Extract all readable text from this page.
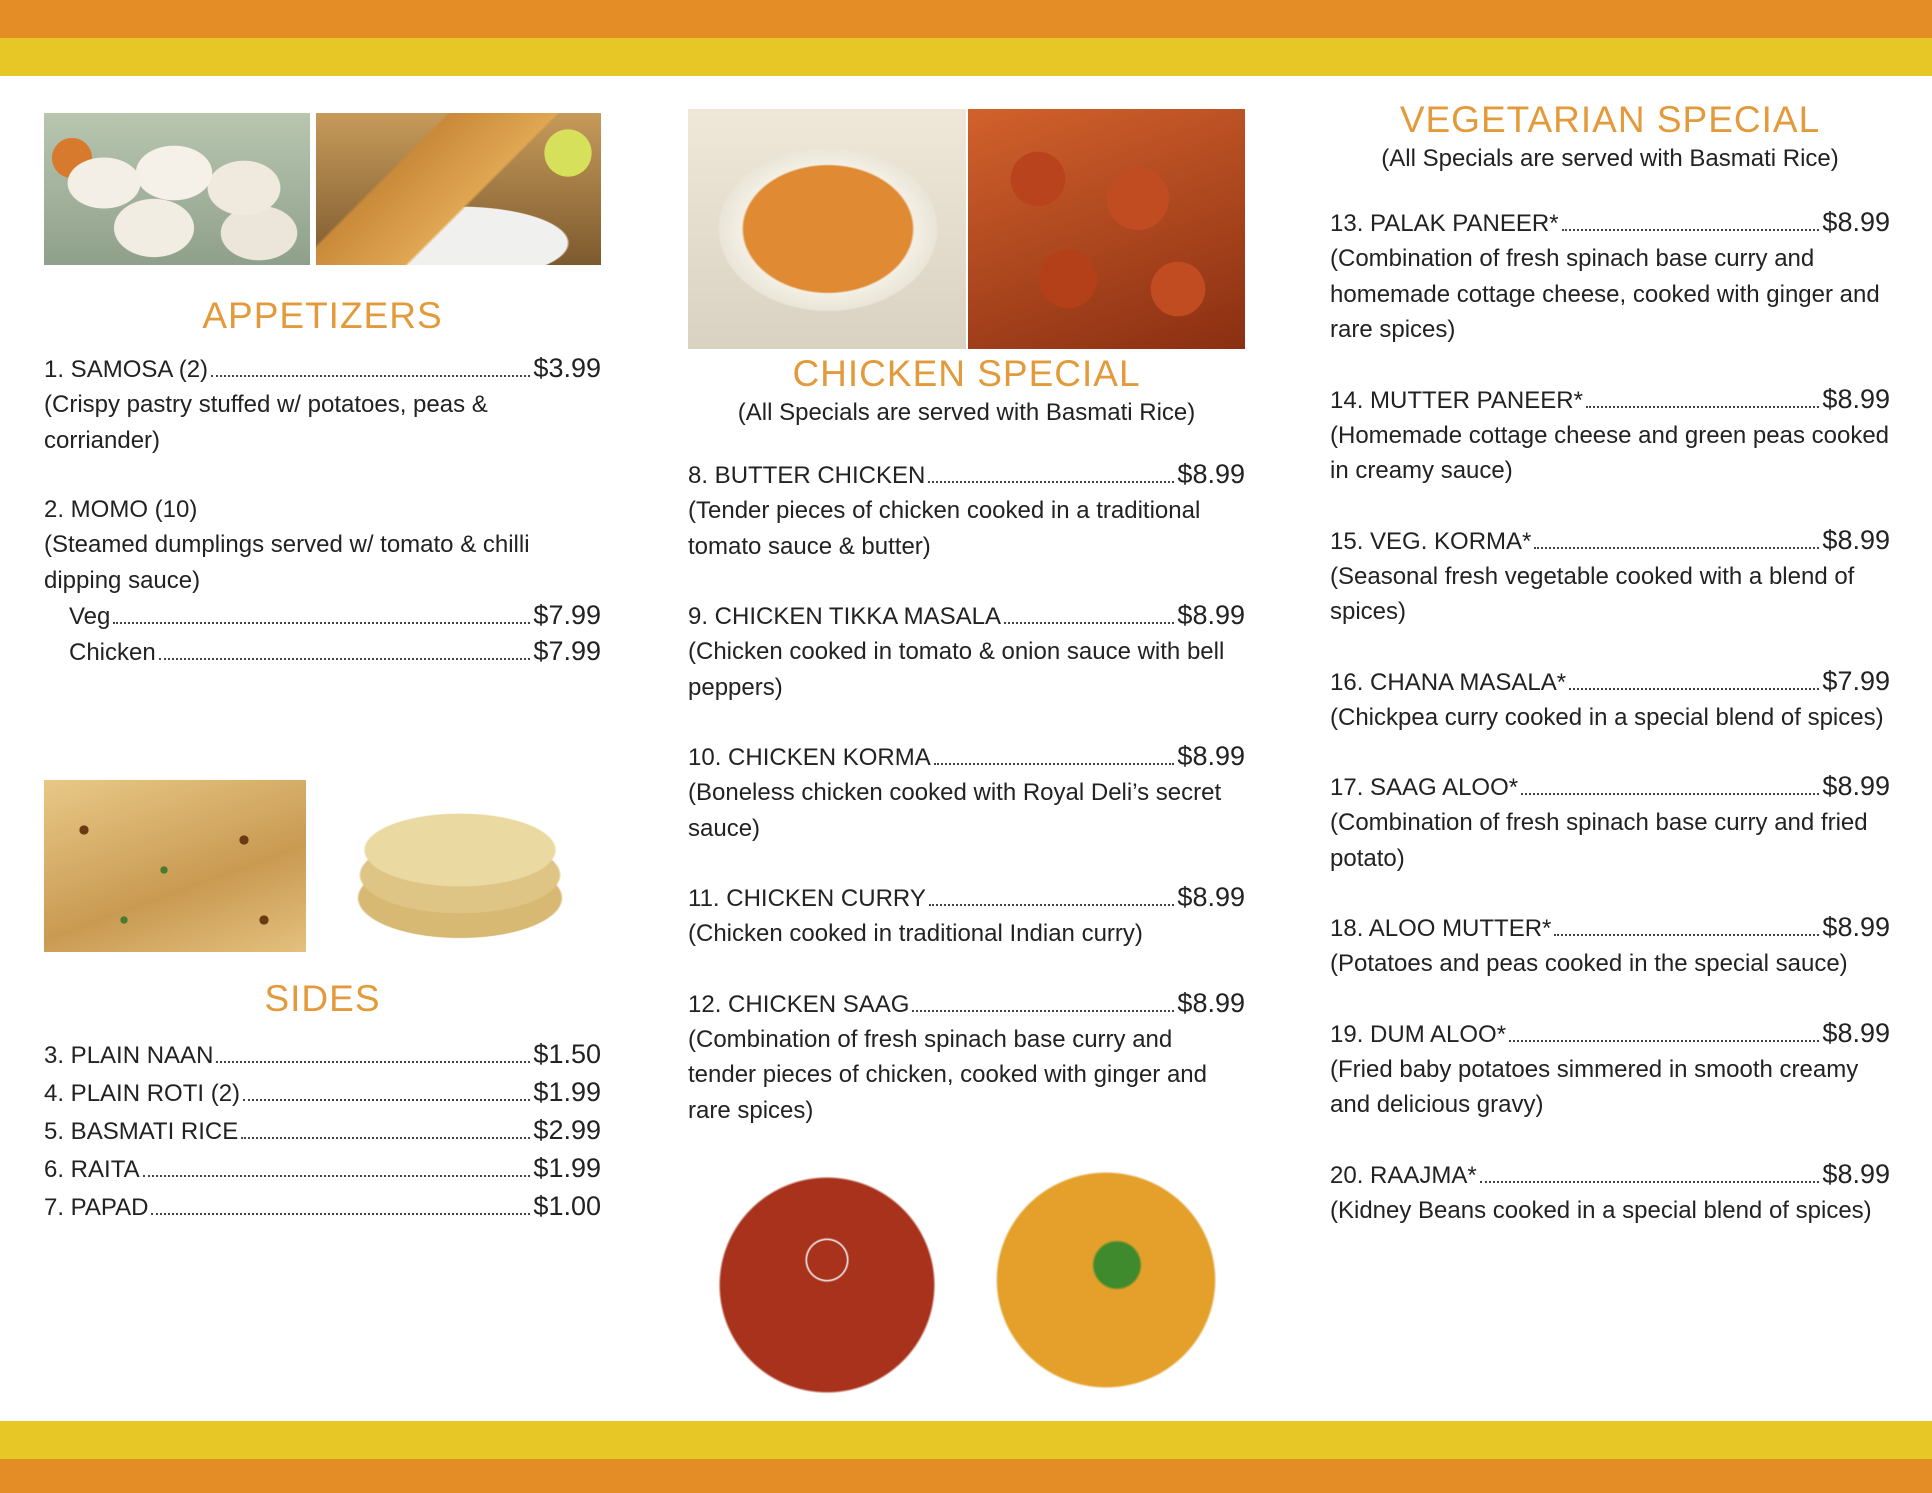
APPETIZERS
1. SAMOSA (2)	$3.99

(Crispy pastry stuffed w/ potatoes, peas & corriander)

2. MOMO (10)

(Steamed dumplings served w/ tomato & chilli dipping sauce)

Veg	$7.99
Chicken	$7.99
SIDES
3. PLAIN NAAN	$1.50
4. PLAIN ROTI (2)	$1.99
5. BASMATI RICE	$2.99
6. RAITA	$1.99
7. PAPAD	$1.00
CHICKEN SPECIAL

(All Specials are served with Basmati Rice)

8. BUTTER CHICKEN	$8.99

(Tender pieces of chicken cooked in a traditional tomato sauce & butter)

9. CHICKEN TIKKA MASALA	$8.99

(Chicken cooked in tomato & onion sauce with bell peppers)

10. CHICKEN KORMA	$8.99

(Boneless chicken cooked with Royal Deli’s secret sauce)

11. CHICKEN CURRY	$8.99

(Chicken cooked in traditional Indian curry)

12. CHICKEN SAAG	$8.99

(Combination of fresh spinach base curry and tender pieces of chicken, cooked with ginger and rare spices)

VEGETARIAN SPECIAL

(All Specials are served with Basmati Rice)

13. PALAK PANEER*	$8.99

(Combination of fresh spinach base curry and homemade cottage cheese, cooked with ginger and rare spices)

14. MUTTER PANEER*	$8.99

(Homemade cottage cheese and green peas cooked in creamy sauce)

15. VEG. KORMA*	$8.99

(Seasonal fresh vegetable cooked with a blend of spices)

16. CHANA MASALA*	$7.99

(Chickpea curry cooked in a special blend of spices)

17. SAAG ALOO*	$8.99

(Combination of fresh spinach base curry and fried potato)

18. ALOO MUTTER*	$8.99

(Potatoes and peas cooked in the special sauce)

19. DUM ALOO*	$8.99

(Fried baby potatoes simmered in smooth creamy and delicious gravy)

20. RAAJMA*	$8.99

(Kidney Beans cooked in a special blend of spices)
